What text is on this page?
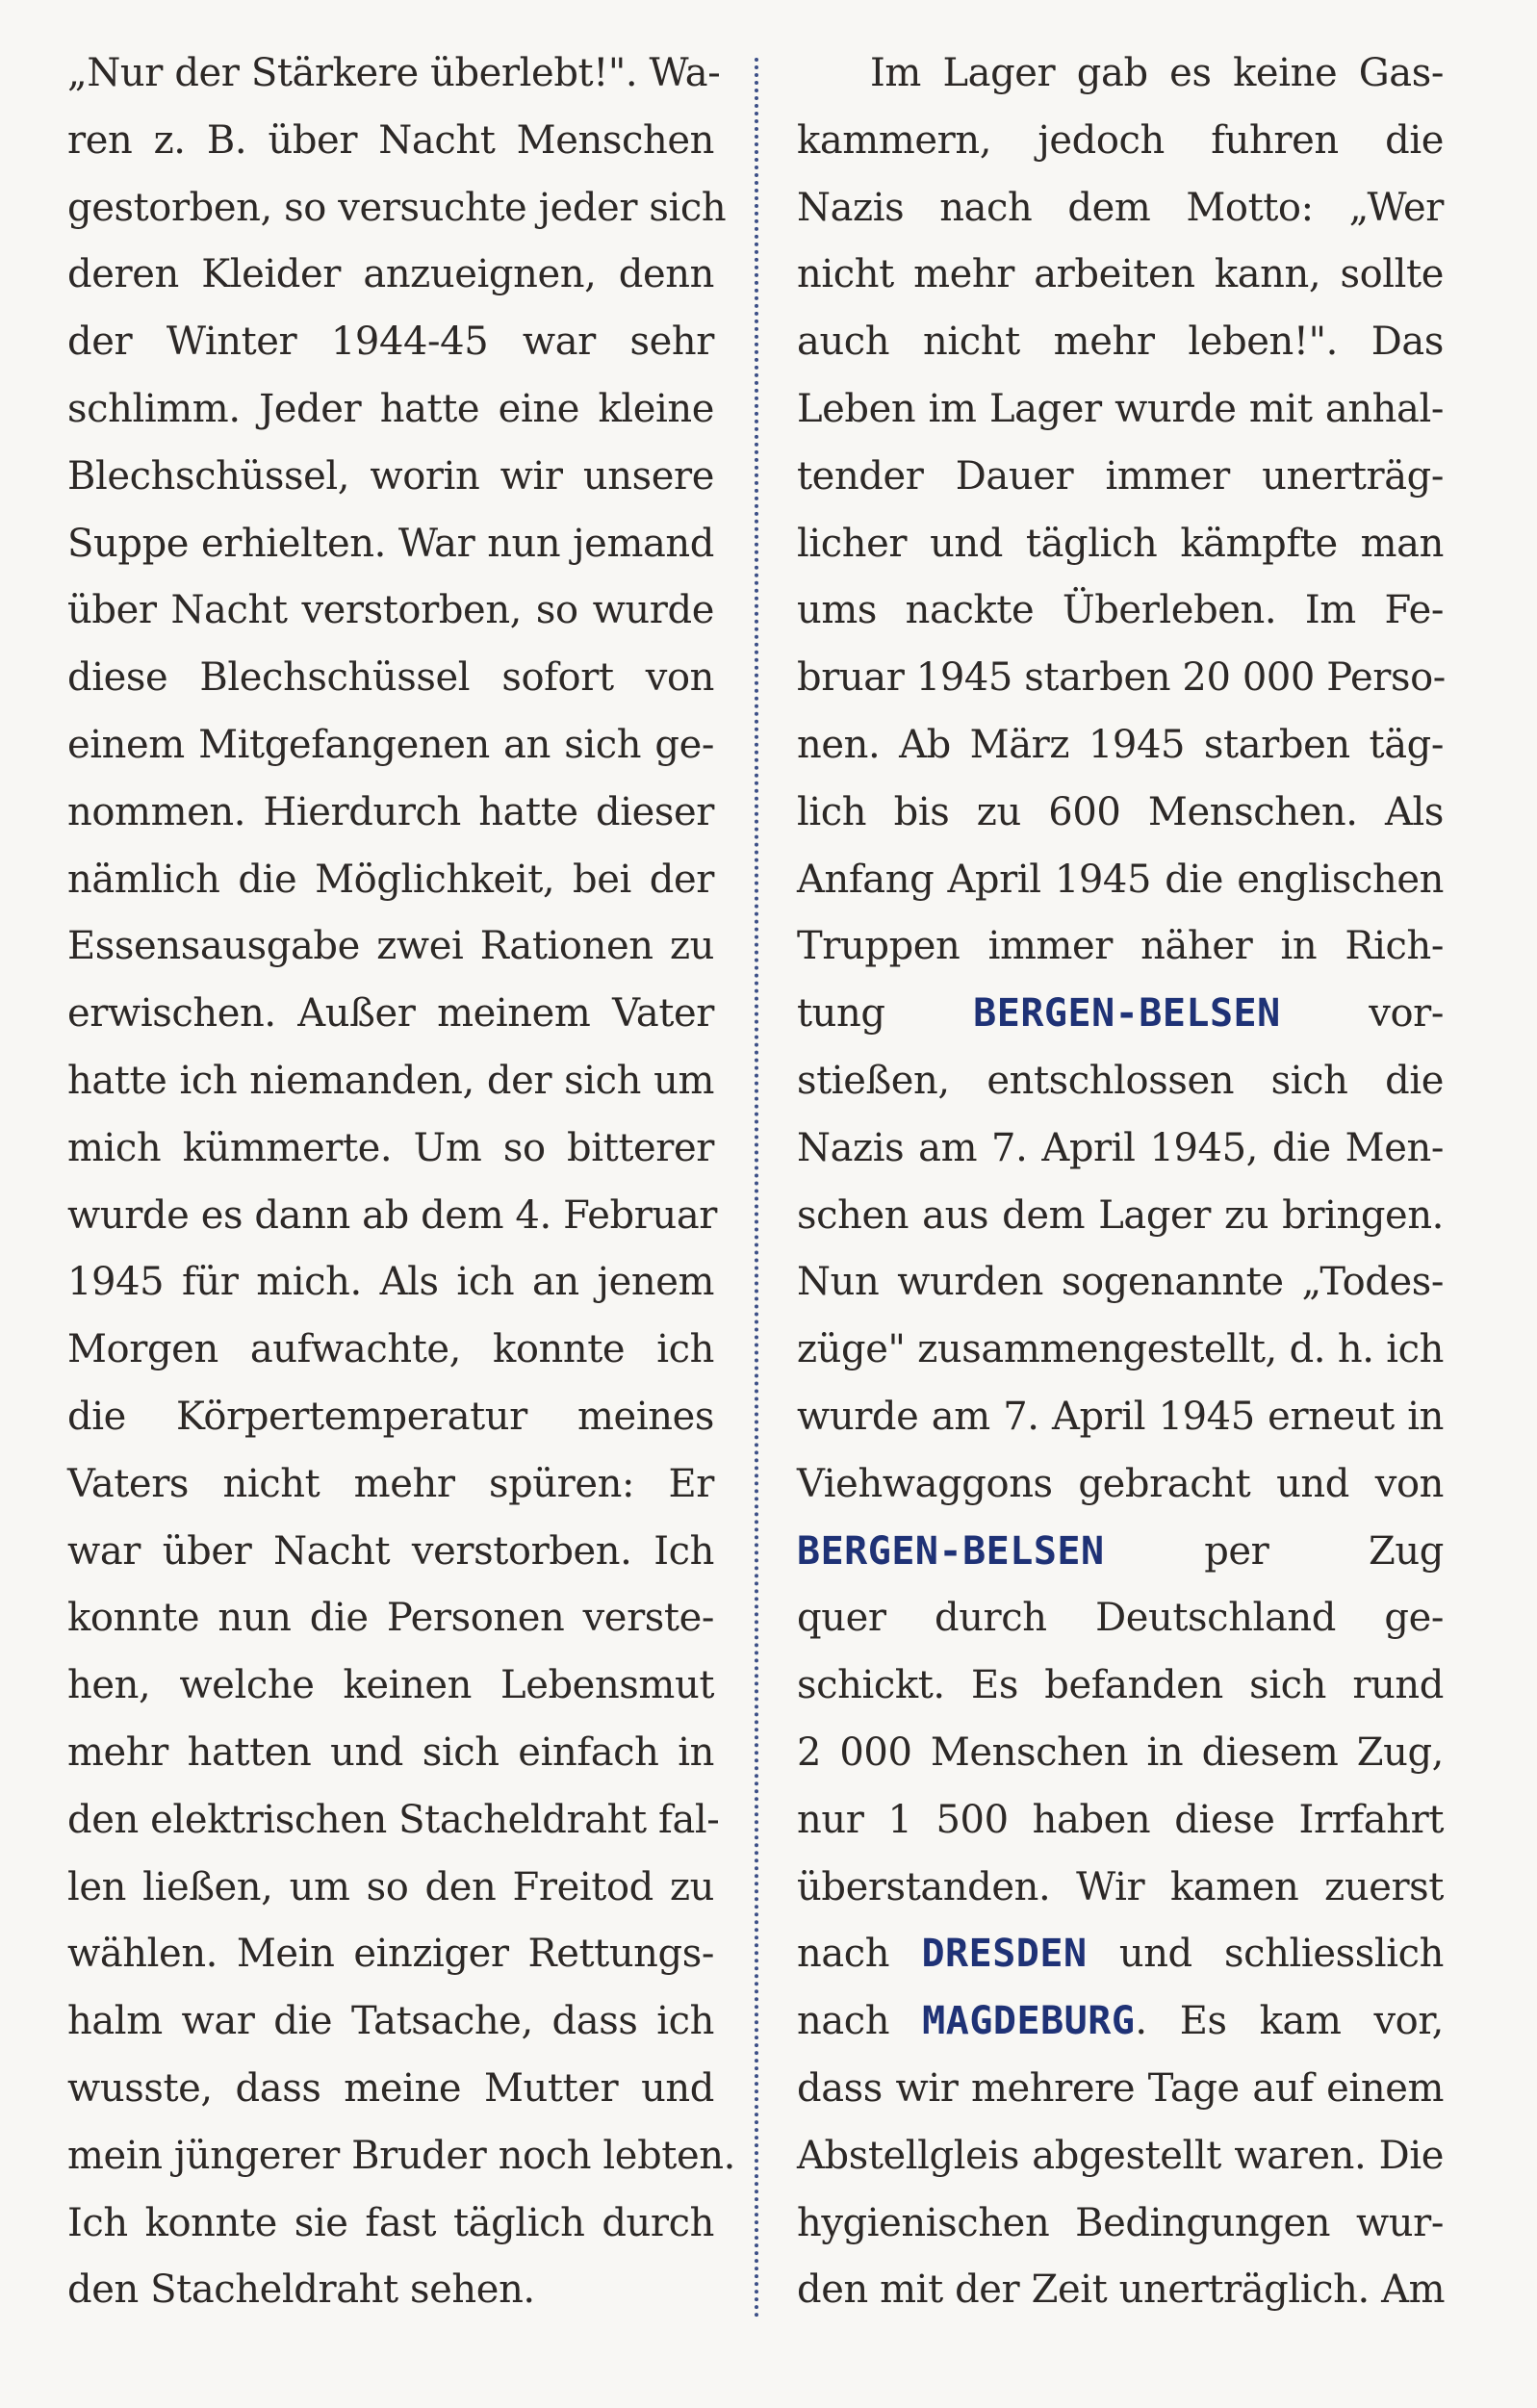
„Nur der Stärkere überlebt!". Wa-
ren z. B. über Nacht Menschen
gestorben, so versuchte jeder sich
deren Kleider anzueignen, denn
der Winter 1944-45 war sehr
schlimm. Jeder hatte eine kleine
Blechschüssel, worin wir unsere
Suppe erhielten. War nun jemand
über Nacht verstorben, so wurde
diese Blechschüssel sofort von
einem Mitgefangenen an sich ge-
nommen. Hierdurch hatte dieser
nämlich die Möglichkeit, bei der
Essensausgabe zwei Rationen zu
erwischen. Außer meinem Vater
hatte ich niemanden, der sich um
mich kümmerte. Um so bitterer
wurde es dann ab dem 4. Februar
1945 für mich. Als ich an jenem
Morgen aufwachte, konnte ich
die Körpertemperatur meines
Vaters nicht mehr spüren: Er
war über Nacht verstorben. Ich
konnte nun die Personen verste-
hen, welche keinen Lebensmut
mehr hatten und sich einfach in
den elektrischen Stacheldraht fal-
len ließen, um so den Freitod zu
wählen. Mein einziger Rettungs-
halm war die Tatsache, dass ich
wusste, dass meine Mutter und
mein jüngerer Bruder noch lebten.
Ich konnte sie fast täglich durch
den Stacheldraht sehen.
Im Lager gab es keine Gas-
kammern, jedoch fuhren die
Nazis nach dem Motto: „Wer
nicht mehr arbeiten kann, sollte
auch nicht mehr leben!". Das
Leben im Lager wurde mit anhal-
tender Dauer immer unerträg-
licher und täglich kämpfte man
ums nackte Überleben. Im Fe-
bruar 1945 starben 20 000 Perso-
nen. Ab März 1945 starben täg-
lich bis zu 600 Menschen. Als
Anfang April 1945 die englischen
Truppen immer näher in Rich-
tung BERGEN-BELSEN vor-
stießen, entschlossen sich die
Nazis am 7. April 1945, die Men-
schen aus dem Lager zu bringen.
Nun wurden sogenannte „Todes-
züge" zusammengestellt, d. h. ich
wurde am 7. April 1945 erneut in
Viehwaggons gebracht und von
BERGEN-BELSEN per Zug
quer durch Deutschland ge-
schickt. Es befanden sich rund
2 000 Menschen in diesem Zug,
nur 1 500 haben diese Irrfahrt
überstanden. Wir kamen zuerst
nach DRESDEN und schliesslich
nach MAGDEBURG. Es kam vor,
dass wir mehrere Tage auf einem
Abstellgleis abgestellt waren. Die
hygienischen Bedingungen wur-
den mit der Zeit unerträglich. Am
